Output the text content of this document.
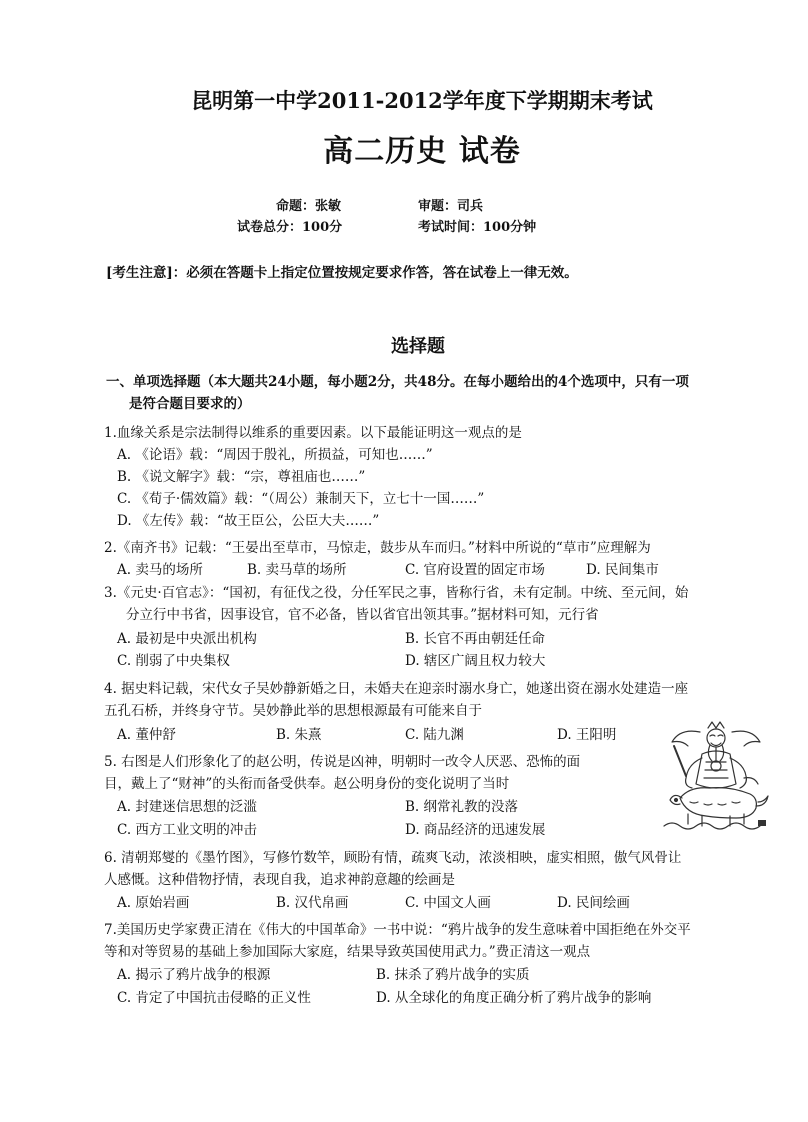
昆明第一中学2011-2012学年度下学期期末考试
高二历史 试卷
命题：张敏	审题：司兵
试卷总分：100分	考试时间：100分钟
[考生注意]：必须在答题卡上指定位置按规定要求作答，答在试卷上一律无效。
选择题
一、单项选择题（本大题共24小题，每小题2分，共48分。在每小题给出的4个选项中，只有一项
是符合题目要求的）
1.血缘关系是宗法制得以维系的重要因素。以下最能证明这一观点的是
A. 《论语》载：“周因于殷礼，所损益，可知也……”
B. 《说文解字》载：“宗，尊祖庙也……”
C. 《荀子·儒效篇》载：“（周公）兼制天下，立七十一国……”
D. 《左传》载：“故王臣公，公臣大夫……”
2.《南齐书》记载：“王晏出至草市，马惊走，鼓步从车而归。”材料中所说的“草市”应理解为
A. 卖马的场所	B. 卖马草的场所	C. 官府设置的固定市场	D. 民间集市
3.《元史·百官志》：“国初，有征伐之役，分任军民之事，皆称行省，未有定制。中统、至元间，始
分立行中书省，因事设官，官不必备，皆以省官出领其事。”据材料可知，元行省
A. 最初是中央派出机构	B. 长官不再由朝廷任命
C. 削弱了中央集权	D. 辖区广阔且权力较大
4. 据史料记载，宋代女子吴妙静新婚之日，未婚夫在迎亲时溺水身亡，她遂出资在溺水处建造一座
五孔石桥，并终身守节。吴妙静此举的思想根源最有可能来自于
A. 董仲舒	B. 朱熹	C. 陆九渊	D. 王阳明
5. 右图是人们形象化了的赵公明，传说是凶神，明朝时一改令人厌恶、恐怖的面
目，戴上了“财神”的头衔而备受供奉。赵公明身份的变化说明了当时
A. 封建迷信思想的泛滥	B. 纲常礼教的没落
C. 西方工业文明的冲击	D. 商品经济的迅速发展
6. 清朝郑燮的《墨竹图》，写修竹数竿，顾盼有情，疏爽飞动，浓淡相映，虚实相照，傲气风骨让
人感慨。这种借物抒情，表现自我，追求神韵意趣的绘画是
A. 原始岩画	B. 汉代帛画	C. 中国文人画	D. 民间绘画
7.美国历史学家费正清在《伟大的中国革命》一书中说：“鸦片战争的发生意味着中国拒绝在外交平
等和对等贸易的基础上参加国际大家庭，结果导致英国使用武力。”费正清这一观点
A. 揭示了鸦片战争的根源	B. 抹杀了鸦片战争的实质
C. 肯定了中国抗击侵略的正义性	D. 从全球化的角度正确分析了鸦片战争的影响
